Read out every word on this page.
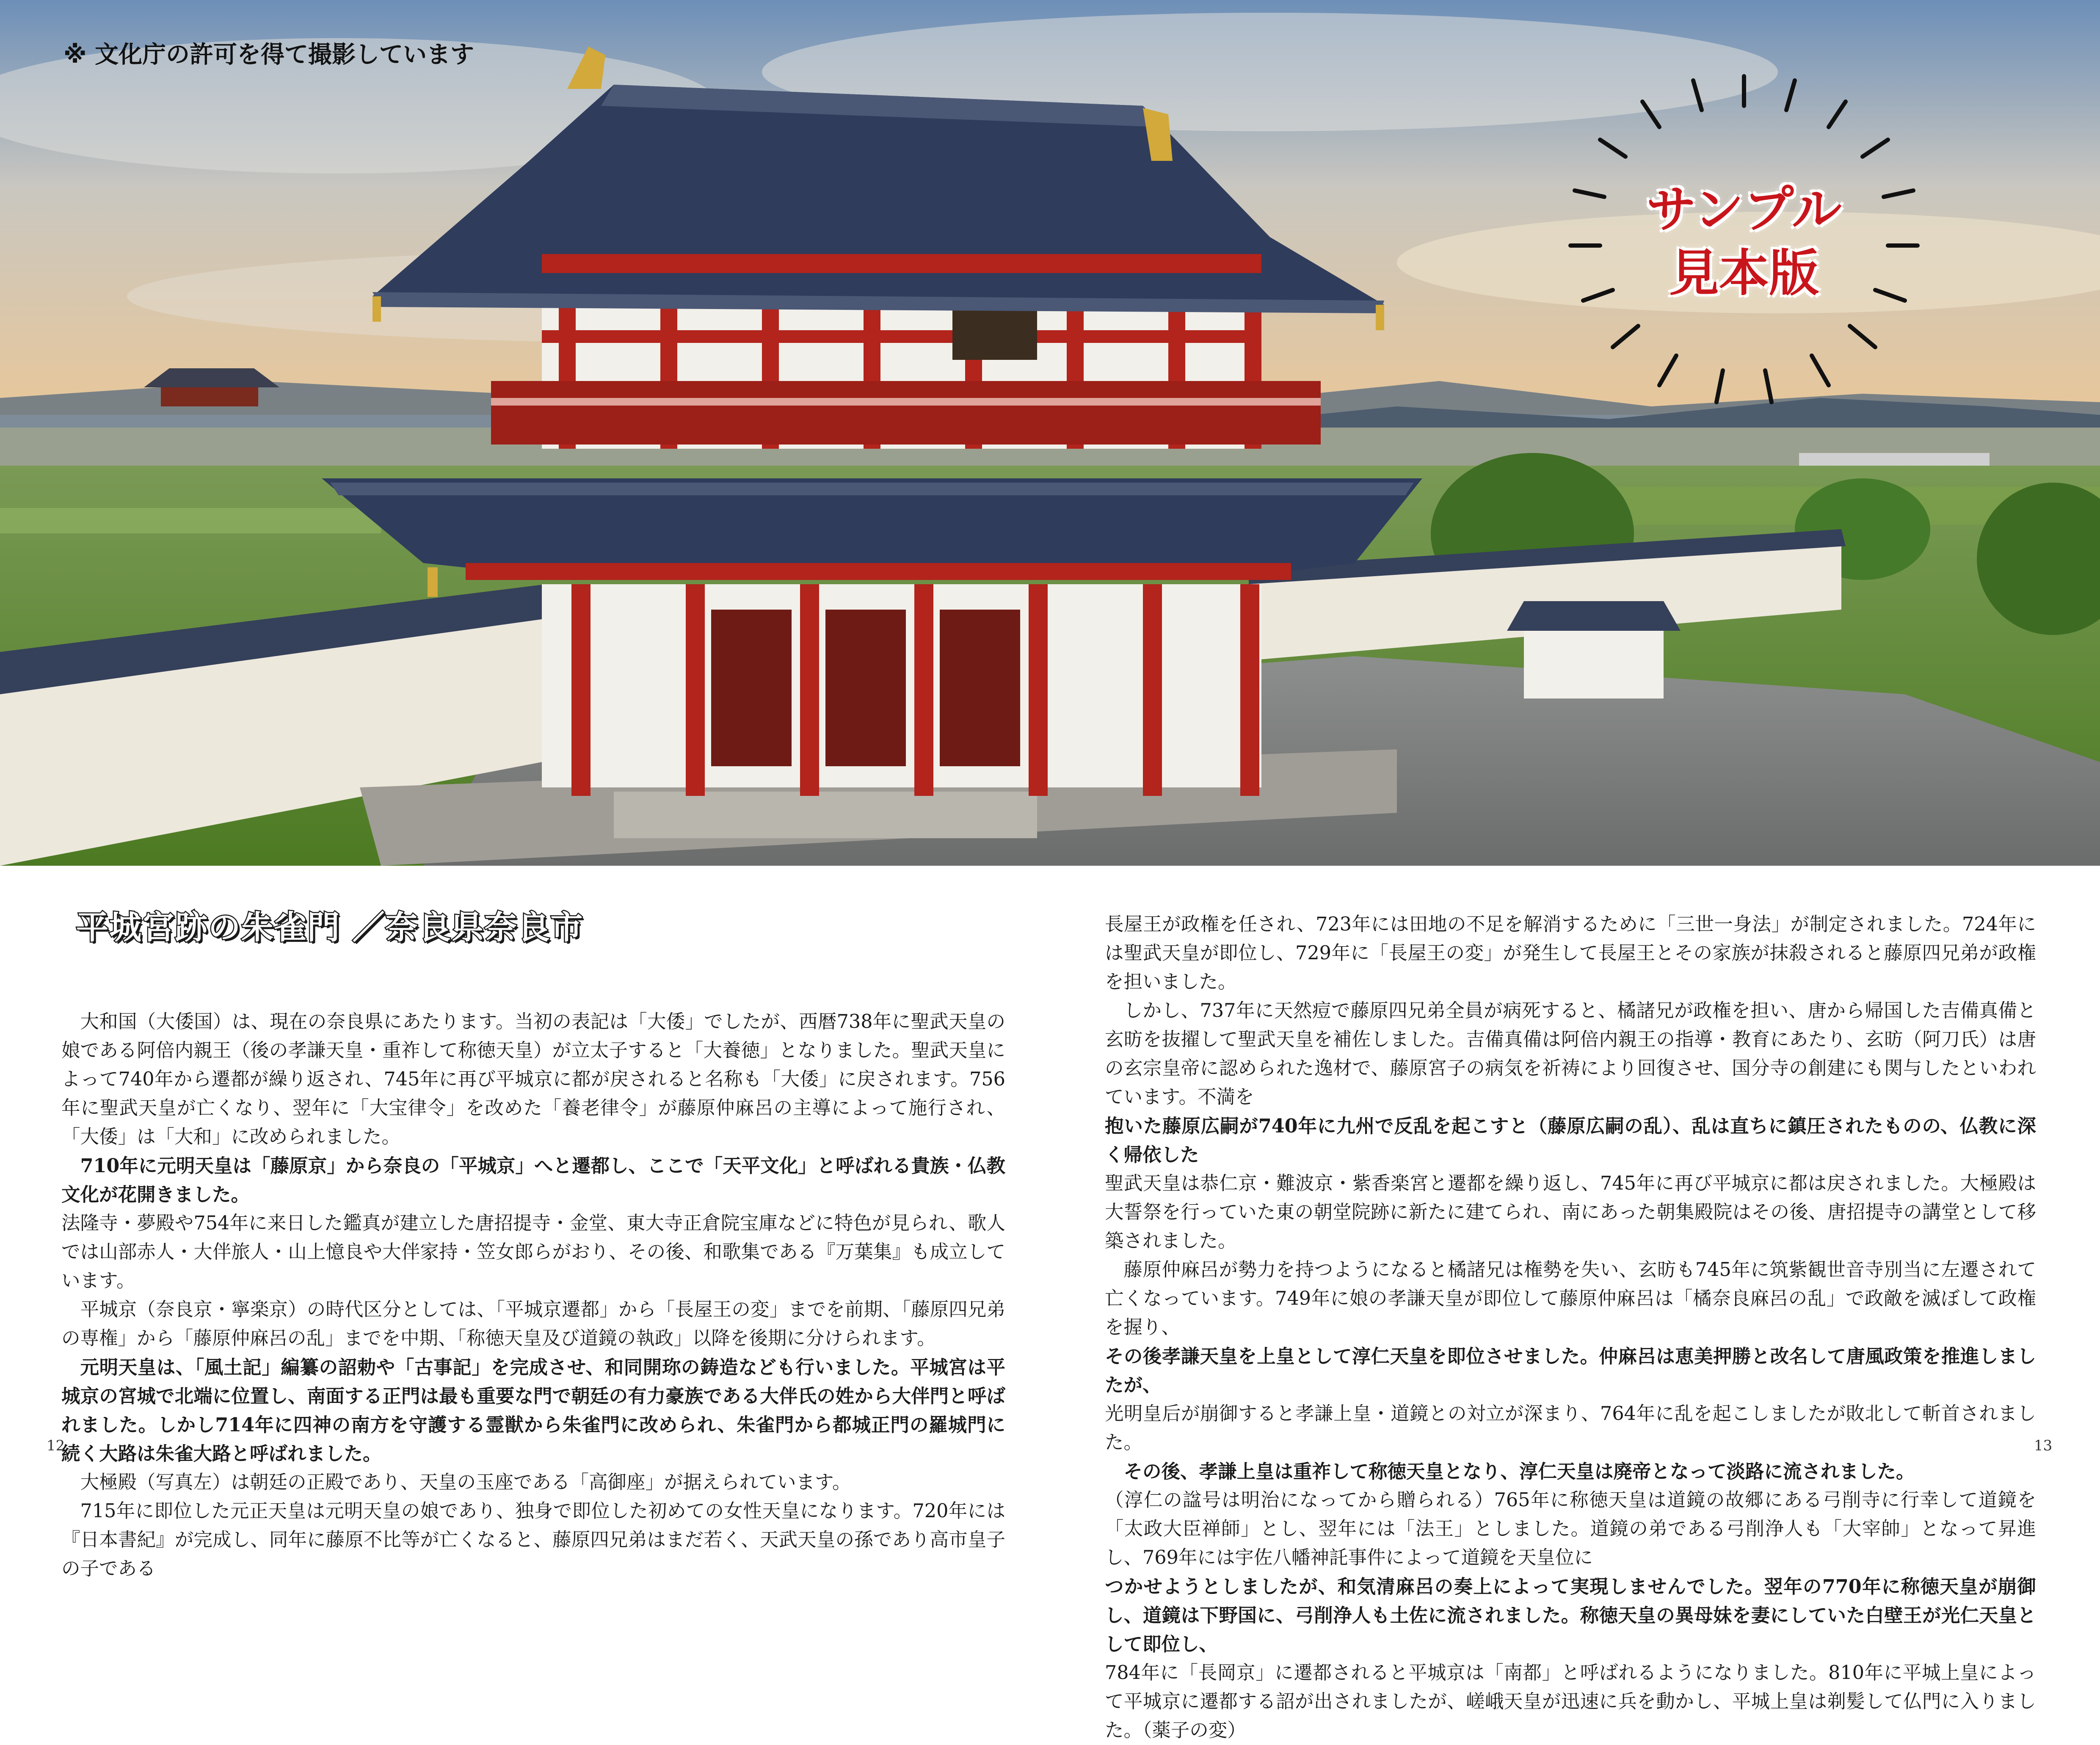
※ 文化庁の許可を得て撮影しています
サンプル
見本版
平城宮跡の朱雀門 ／奈良県奈良市

大和国（大倭国）は、現在の奈良県にあたります。当初の表記は「大倭」でしたが、西暦738年に聖武天皇の娘である阿倍内親王（後の孝謙天皇・重祚して称徳天皇）が立太子すると「大養徳」となりました。聖武天皇によって740年から遷都が繰り返され、745年に再び平城京に都が戻されると名称も「大倭」に戻されます。756年に聖武天皇が亡くなり、翌年に「大宝律令」を改めた「養老律令」が藤原仲麻呂の主導によって施行され、「大倭」は「大和」に改められました。

710年に元明天皇は「藤原京」から奈良の「平城京」へと遷都し、ここで「天平文化」と呼ばれる貴族・仏教文化が花開きました。

法隆寺・夢殿や754年に来日した鑑真が建立した唐招提寺・金堂、東大寺正倉院宝庫などに特色が見られ、歌人では山部赤人・大伴旅人・山上憶良や大伴家持・笠女郎らがおり、その後、和歌集である『万葉集』も成立しています。

平城京（奈良京・寧楽京）の時代区分としては、「平城京遷都」から「長屋王の変」までを前期、「藤原四兄弟の専権」から「藤原仲麻呂の乱」までを中期、「称徳天皇及び道鏡の執政」以降を後期に分けられます。

元明天皇は、「風土記」編纂の詔勅や「古事記」を完成させ、和同開珎の鋳造なども行いました。平城宮は平城京の宮城で北端に位置し、南面する正門は最も重要な門で朝廷の有力豪族である大伴氏の姓から大伴門と呼ばれました。しかし714年に四神の南方を守護する霊獣から朱雀門に改められ、朱雀門から都城正門の羅城門に続く大路は朱雀大路と呼ばれました。

大極殿（写真左）は朝廷の正殿であり、天皇の玉座である「高御座」が据えられています。

715年に即位した元正天皇は元明天皇の娘であり、独身で即位した初めての女性天皇になります。720年には『日本書紀』が完成し、同年に藤原不比等が亡くなると、藤原四兄弟はまだ若く、天武天皇の孫であり高市皇子の子である

長屋王が政権を任され、723年には田地の不足を解消するために「三世一身法」が制定されました。724年には聖武天皇が即位し、729年に「長屋王の変」が発生して長屋王とその家族が抹殺されると藤原四兄弟が政権を担いました。

しかし、737年に天然痘で藤原四兄弟全員が病死すると、橘諸兄が政権を担い、唐から帰国した吉備真備と玄昉を抜擢して聖武天皇を補佐しました。吉備真備は阿倍内親王の指導・教育にあたり、玄昉（阿刀氏）は唐の玄宗皇帝に認められた逸材で、藤原宮子の病気を祈祷により回復させ、国分寺の創建にも関与したといわれています。不満を

抱いた藤原広嗣が740年に九州で反乱を起こすと（藤原広嗣の乱）、乱は直ちに鎮圧されたものの、仏教に深く帰依した

聖武天皇は恭仁京・難波京・紫香楽宮と遷都を繰り返し、745年に再び平城京に都は戻されました。大極殿は大誓祭を行っていた東の朝堂院跡に新たに建てられ、南にあった朝集殿院はその後、唐招提寺の講堂として移築されました。

藤原仲麻呂が勢力を持つようになると橘諸兄は権勢を失い、玄昉も745年に筑紫観世音寺別当に左遷されて亡くなっています。749年に娘の孝謙天皇が即位して藤原仲麻呂は「橘奈良麻呂の乱」で政敵を滅ぼして政権を握り、

その後孝謙天皇を上皇として淳仁天皇を即位させました。仲麻呂は恵美押勝と改名して唐風政策を推進しましたが、

光明皇后が崩御すると孝謙上皇・道鏡との対立が深まり、764年に乱を起こしましたが敗北して斬首されました。

その後、孝謙上皇は重祚して称徳天皇となり、淳仁天皇は廃帝となって淡路に流されました。

（淳仁の諡号は明治になってから贈られる）765年に称徳天皇は道鏡の故郷にある弓削寺に行幸して道鏡を「太政大臣禅師」とし、翌年には「法王」としました。道鏡の弟である弓削浄人も「大宰帥」となって昇進し、769年には宇佐八幡神託事件によって道鏡を天皇位に

つかせようとしましたが、和気清麻呂の奏上によって実現しませんでした。翌年の770年に称徳天皇が崩御し、道鏡は下野国に、弓削浄人も土佐に流されました。称徳天皇の異母妹を妻にしていた白壁王が光仁天皇として即位し、

784年に「長岡京」に遷都されると平城京は「南都」と呼ばれるようになりました。810年に平城上皇によって平城京に遷都する詔が出されましたが、嵯峨天皇が迅速に兵を動かし、平城上皇は剃髪して仏門に入りました。（薬子の変）

12	13
